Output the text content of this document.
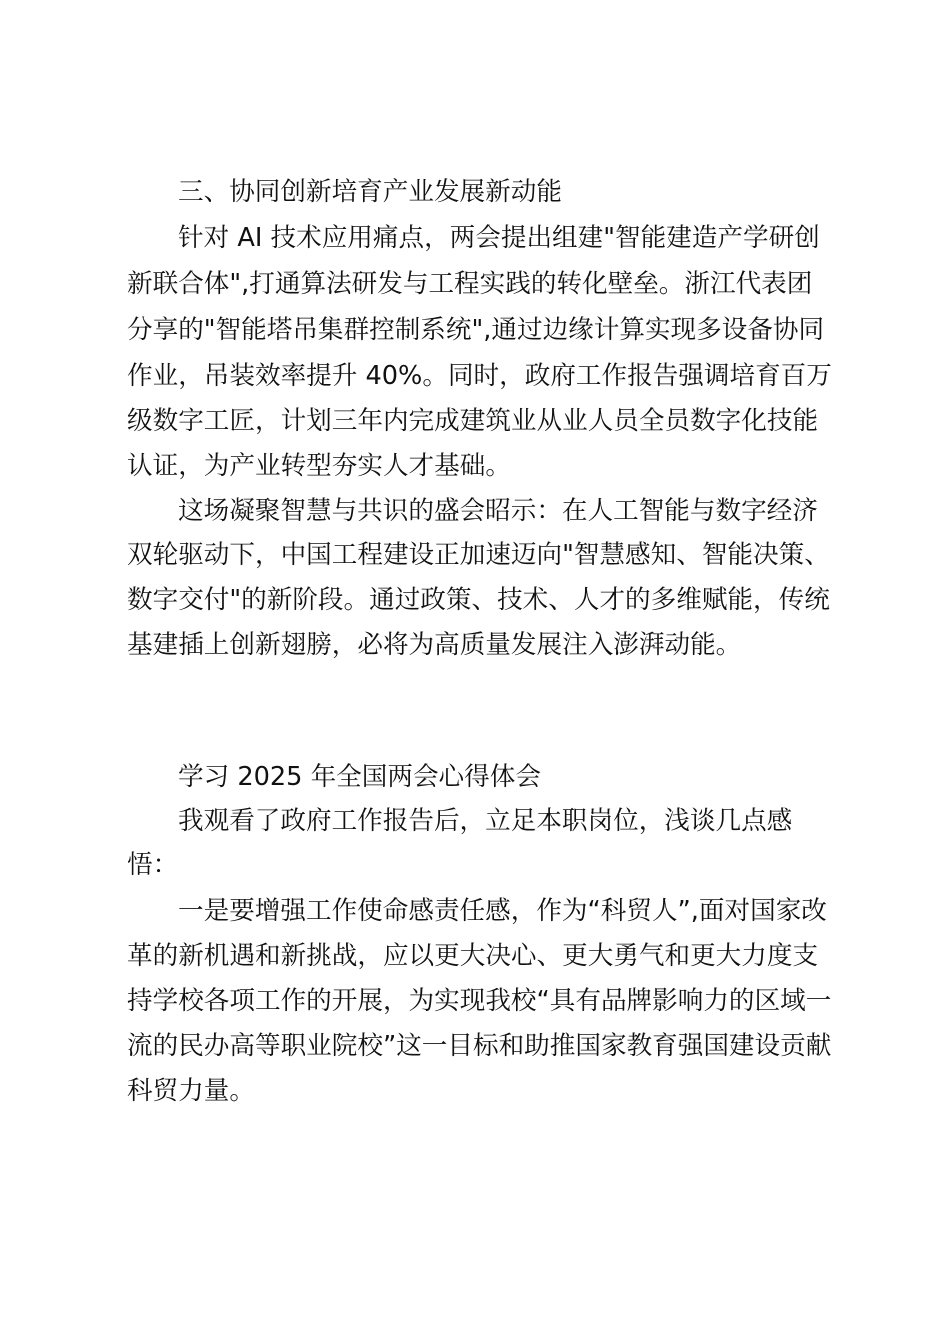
三、协同创新培育产业发展新动能
针对 AI 技术应用痛点，两会提出组建"智能建造产学研创
新联合体",打通算法研发与工程实践的转化壁垒。浙江代表团
分享的"智能塔吊集群控制系统",通过边缘计算实现多设备协同
作业，吊装效率提升 40%。同时，政府工作报告强调培育百万
级数字工匠，计划三年内完成建筑业从业人员全员数字化技能
认证，为产业转型夯实人才基础。
这场凝聚智慧与共识的盛会昭示：在人工智能与数字经济
双轮驱动下，中国工程建设正加速迈向"智慧感知、智能决策、
数字交付"的新阶段。通过政策、技术、人才的多维赋能，传统
基建插上创新翅膀，必将为高质量发展注入澎湃动能。
学习 2025 年全国两会心得体会
我观看了政府工作报告后，立足本职岗位，浅谈几点感
悟：
一是要增强工作使命感责任感，作为“科贸人”,面对国家改
革的新机遇和新挑战，应以更大决心、更大勇气和更大力度支
持学校各项工作的开展，为实现我校“具有品牌影响力的区域一
流的民办高等职业院校”这一目标和助推国家教育强国建设贡献
科贸力量。
